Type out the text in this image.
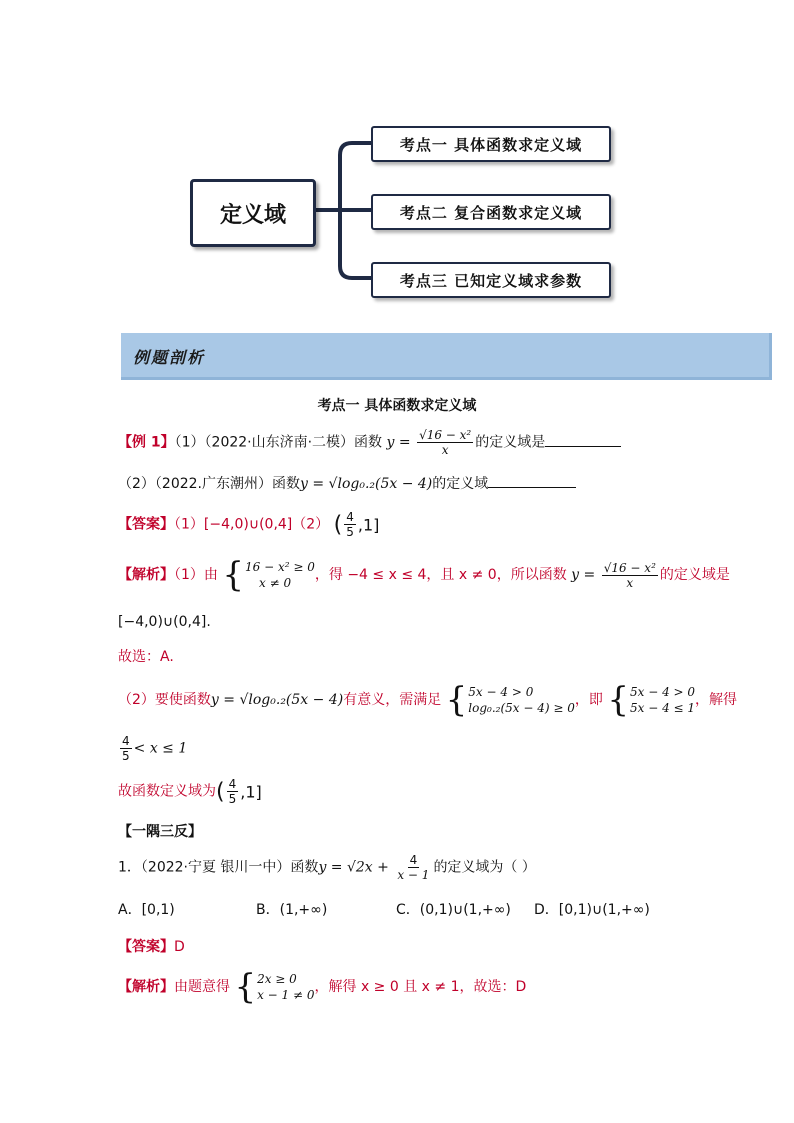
定义域
考点一 具体函数求定义域
考点二 复合函数求定义域
考点三 已知定义域求参数
例题剖析
考点一 具体函数求定义域
【例 1】（1）（2022·山东济南·二模）函数 $y = \frac{\text{√16 − x²}}{x}$ 的定义域是
（2）（2022.广东潮州）函数y = √log₀.₂(5x − 4)的定义域
【答案】（1）[−4,0)∪(0,4]（2） ( $\frac{4}{5} ,1$]
【解析】（1）由 { 16 − x² ≥ 0
x ≠ 0	，得 −4 ≤ x ≤ 4，且 x ≠ 0，所以函数 $y = \frac{\text{√16 − x²}}{x}$ 的定义域是
[−4,0)∪(0,4].
故选：A.
（2）要使函数y = √log₀.₂(5x − 4)有意义，需满足 { 5x − 4 > 0
log₀.₂(5x − 4) ≥ 0 ，即 { 5x − 4 > 0
5x − 4 ≤ 1 ，解得
$\frac{4}{5} < x \le 1$
故函数定义域为( $\frac{4}{5} ,1$]
【一隅三反】
1．（2022·宁夏 银川一中）函数$y = √2x + \frac{4}{x - 1}$ 的定义域为（ ）
A．[0,1)	B．(1,+∞)	C．(0,1)∪(1,+∞) D．[0,1)∪(1,+∞)
【答案】D
【解析】由题意得 { 2x ≥ 0
x − 1 ≠ 0 ，解得 x ≥ 0 且 x ≠ 1，故选：D
